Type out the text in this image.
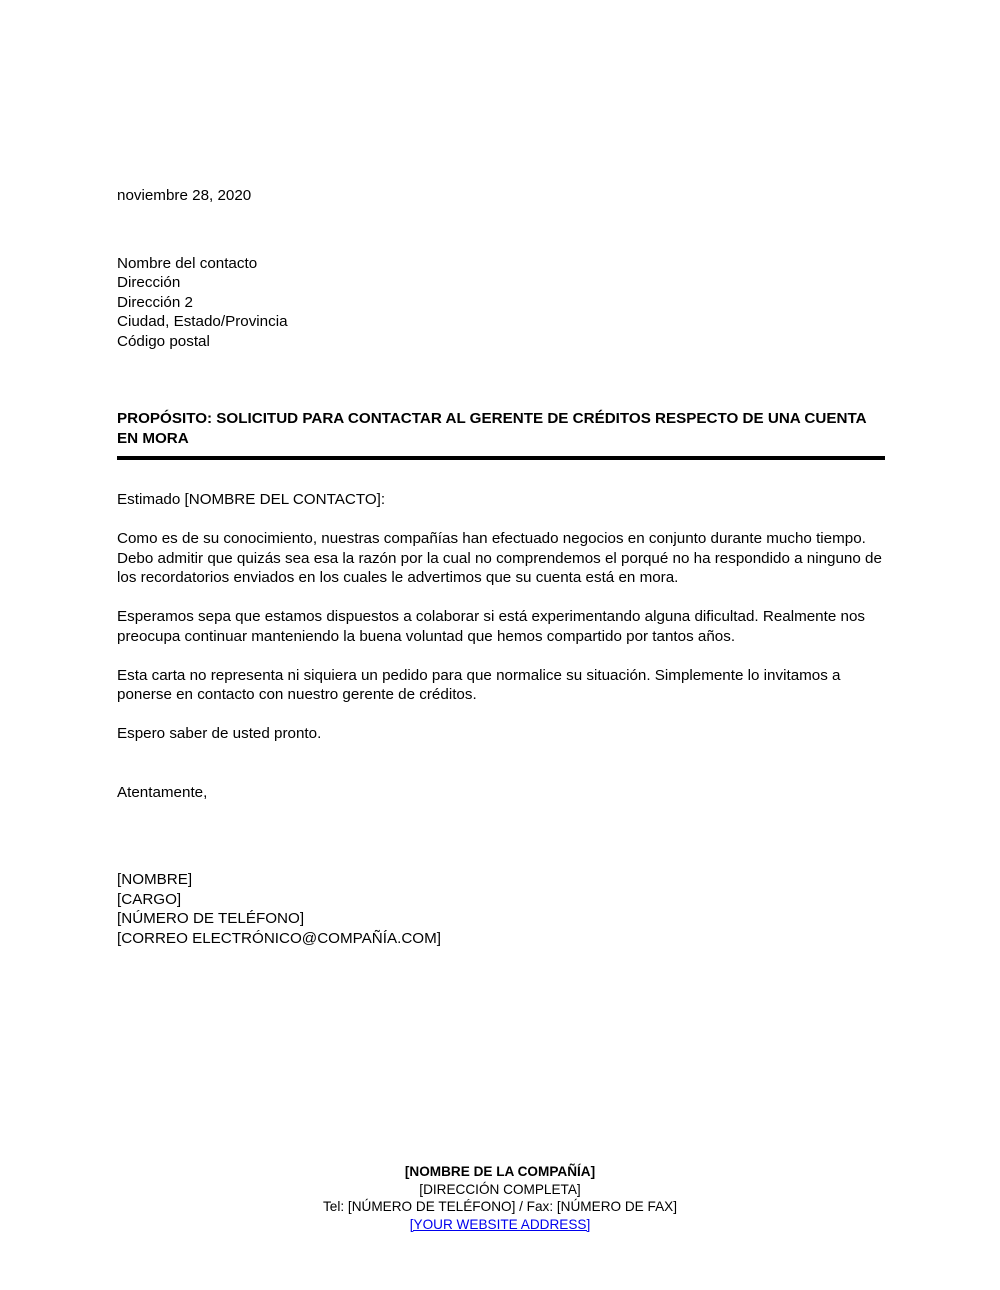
noviembre 28, 2020
Nombre del contacto
Dirección
Dirección 2
Ciudad, Estado/Provincia
Código postal
PROPÓSITO: SOLICITUD PARA CONTACTAR AL GERENTE DE CRÉDITOS RESPECTO DE UNA CUENTA EN MORA
Estimado [NOMBRE DEL CONTACTO]:

Como es de su conocimiento, nuestras compañías han efectuado negocios en conjunto durante mucho tiempo. Debo admitir que quizás sea esa la razón por la cual no comprendemos el porqué no ha respondido a ninguno de los recordatorios enviados en los cuales le advertimos que su cuenta está en mora.

Esperamos sepa que estamos dispuestos a colaborar si está experimentando alguna dificultad. Realmente nos preocupa continuar manteniendo la buena voluntad que hemos compartido por tantos años.

Esta carta no representa ni siquiera un pedido para que normalice su situación. Simplemente lo invitamos a ponerse en contacto con nuestro gerente de créditos.

Espero saber de usted pronto.

Atentamente,
[NOMBRE]
[CARGO]
[NÚMERO DE TELÉFONO]
[CORREO ELECTRÓNICO@COMPAÑÍA.COM]
[NOMBRE DE LA COMPAÑÍA]
[DIRECCIÓN COMPLETA]
Tel: [NÚMERO DE TELÉFONO] / Fax: [NÚMERO DE FAX]
[YOUR WEBSITE ADDRESS]
